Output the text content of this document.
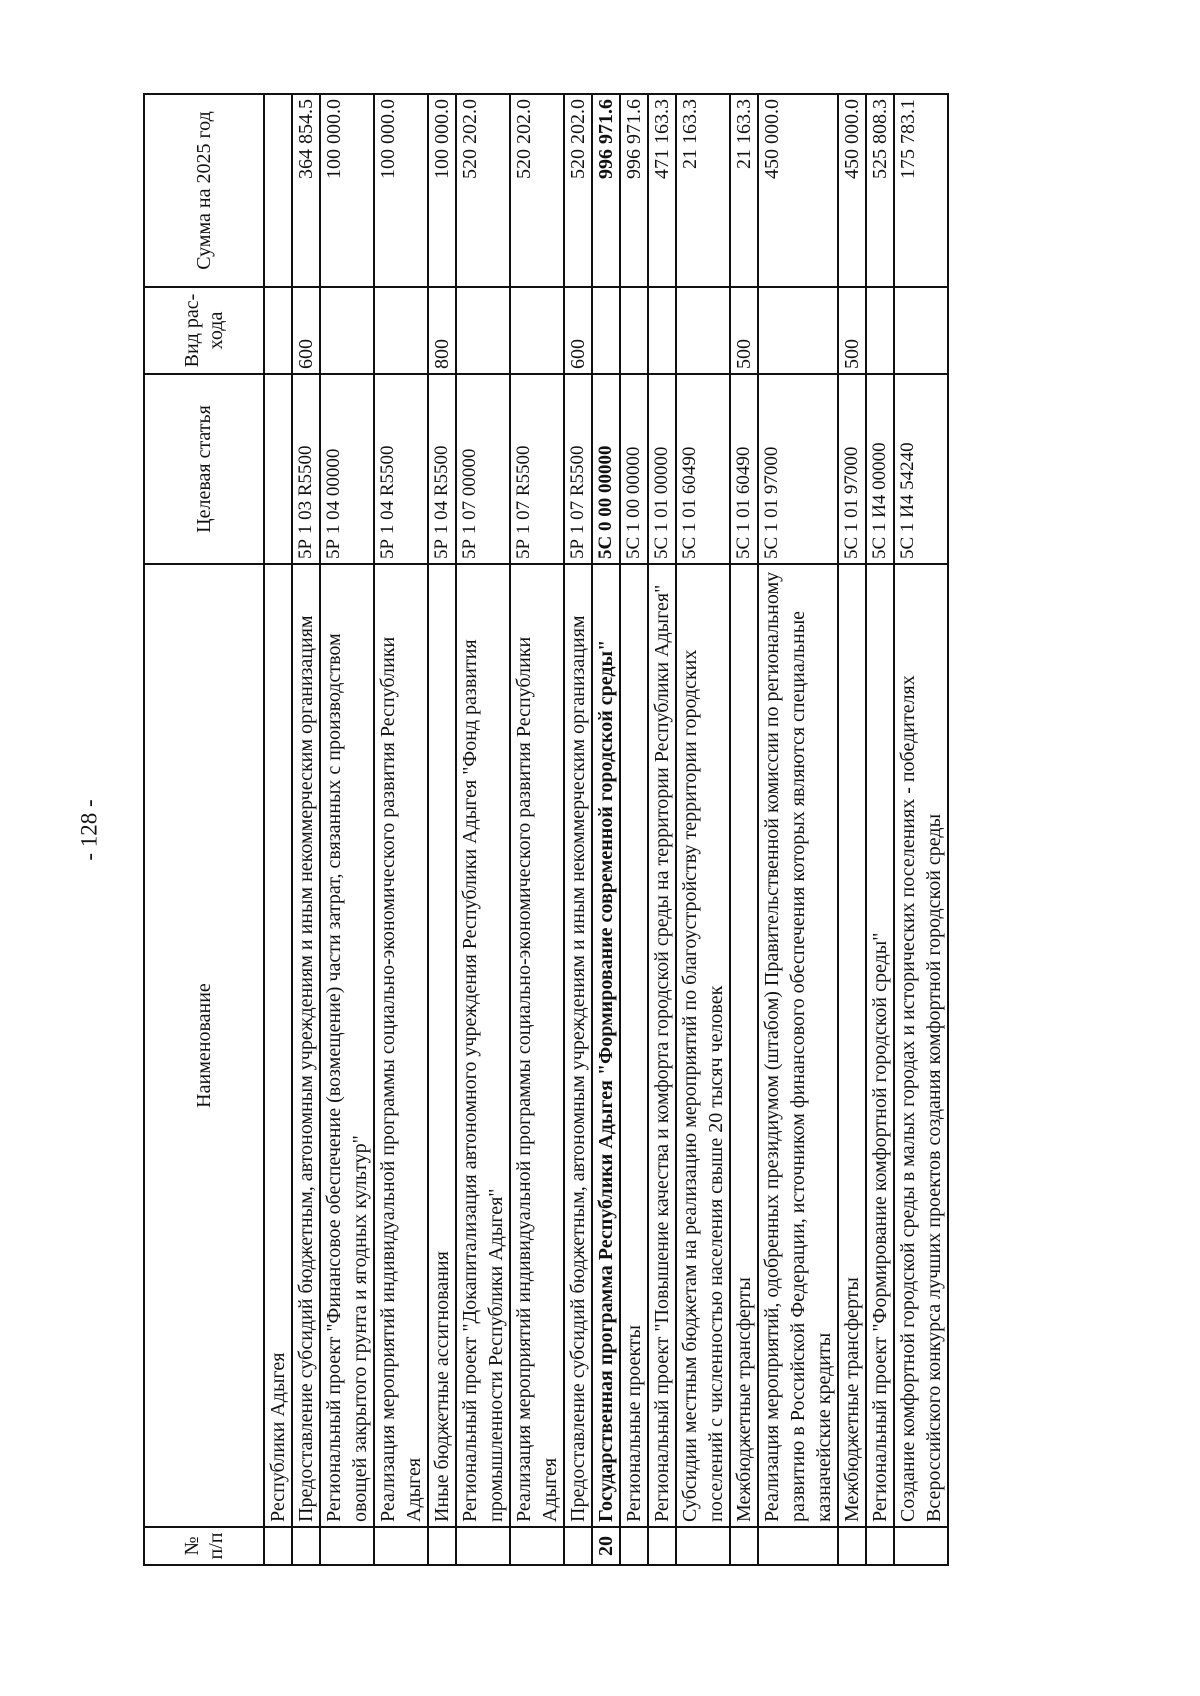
- 128 -
№ п/п	Наименование	Целевая статья	Вид рас-хода	Сумма на 2025 год
	Республики Адыгея			
	Предоставление субсидий бюджетным, автономным учреждениям и иным некоммерческим организациям	5Р 1 03 R5500	600	364 854.5
	Региональный проект "Финансовое обеспечение (возмещение) части затрат, связанных с производством овощей закрытого грунта и ягодных культур"	5Р 1 04 00000		100 000.0
	Реализация мероприятий индивидуальной программы социально-экономического развития Республики Адыгея	5Р 1 04 R5500		100 000.0
	Иные бюджетные ассигнования	5Р 1 04 R5500	800	100 000.0
	Региональный проект "Докапитализация автономного учреждения Республики Адыгея "Фонд развития промышленности Республики Адыгея"	5Р 1 07 00000		520 202.0
	Реализация мероприятий индивидуальной программы социально-экономического развития Республики Адыгея	5Р 1 07 R5500		520 202.0
	Предоставление субсидий бюджетным, автономным учреждениям и иным некоммерческим организациям	5Р 1 07 R5500	600	520 202.0
20	Государственная программа Республики Адыгея "Формирование современной городской среды"	5С 0 00 00000		996 971.6
	Региональные проекты	5С 1 00 00000		996 971.6
	Региональный проект "Повышение качества и комфорта городской среды на территории Республики Адыгея"	5С 1 01 00000		471 163.3
	Субсидии местным бюджетам на реализацию мероприятий по благоустройству территории городских поселений с численностью населения свыше 20 тысяч человек	5С 1 01 60490		21 163.3
	Межбюджетные трансферты	5С 1 01 60490	500	21 163.3
	Реализация мероприятий, одобренных президиумом (штабом) Правительственной комиссии по региональному развитию в Российской Федерации, источником финансового обеспечения которых являются специальные казначейские кредиты	5С 1 01 97000		450 000.0
	Межбюджетные трансферты	5С 1 01 97000	500	450 000.0
	Региональный проект "Формирование комфортной городской среды"	5С 1 И4 00000		525 808.3
	Создание комфортной городской среды в малых городах и исторических поселениях - победителях Всероссийского конкурса лучших проектов создания комфортной городской среды	5С 1 И4 54240		175 783.1
